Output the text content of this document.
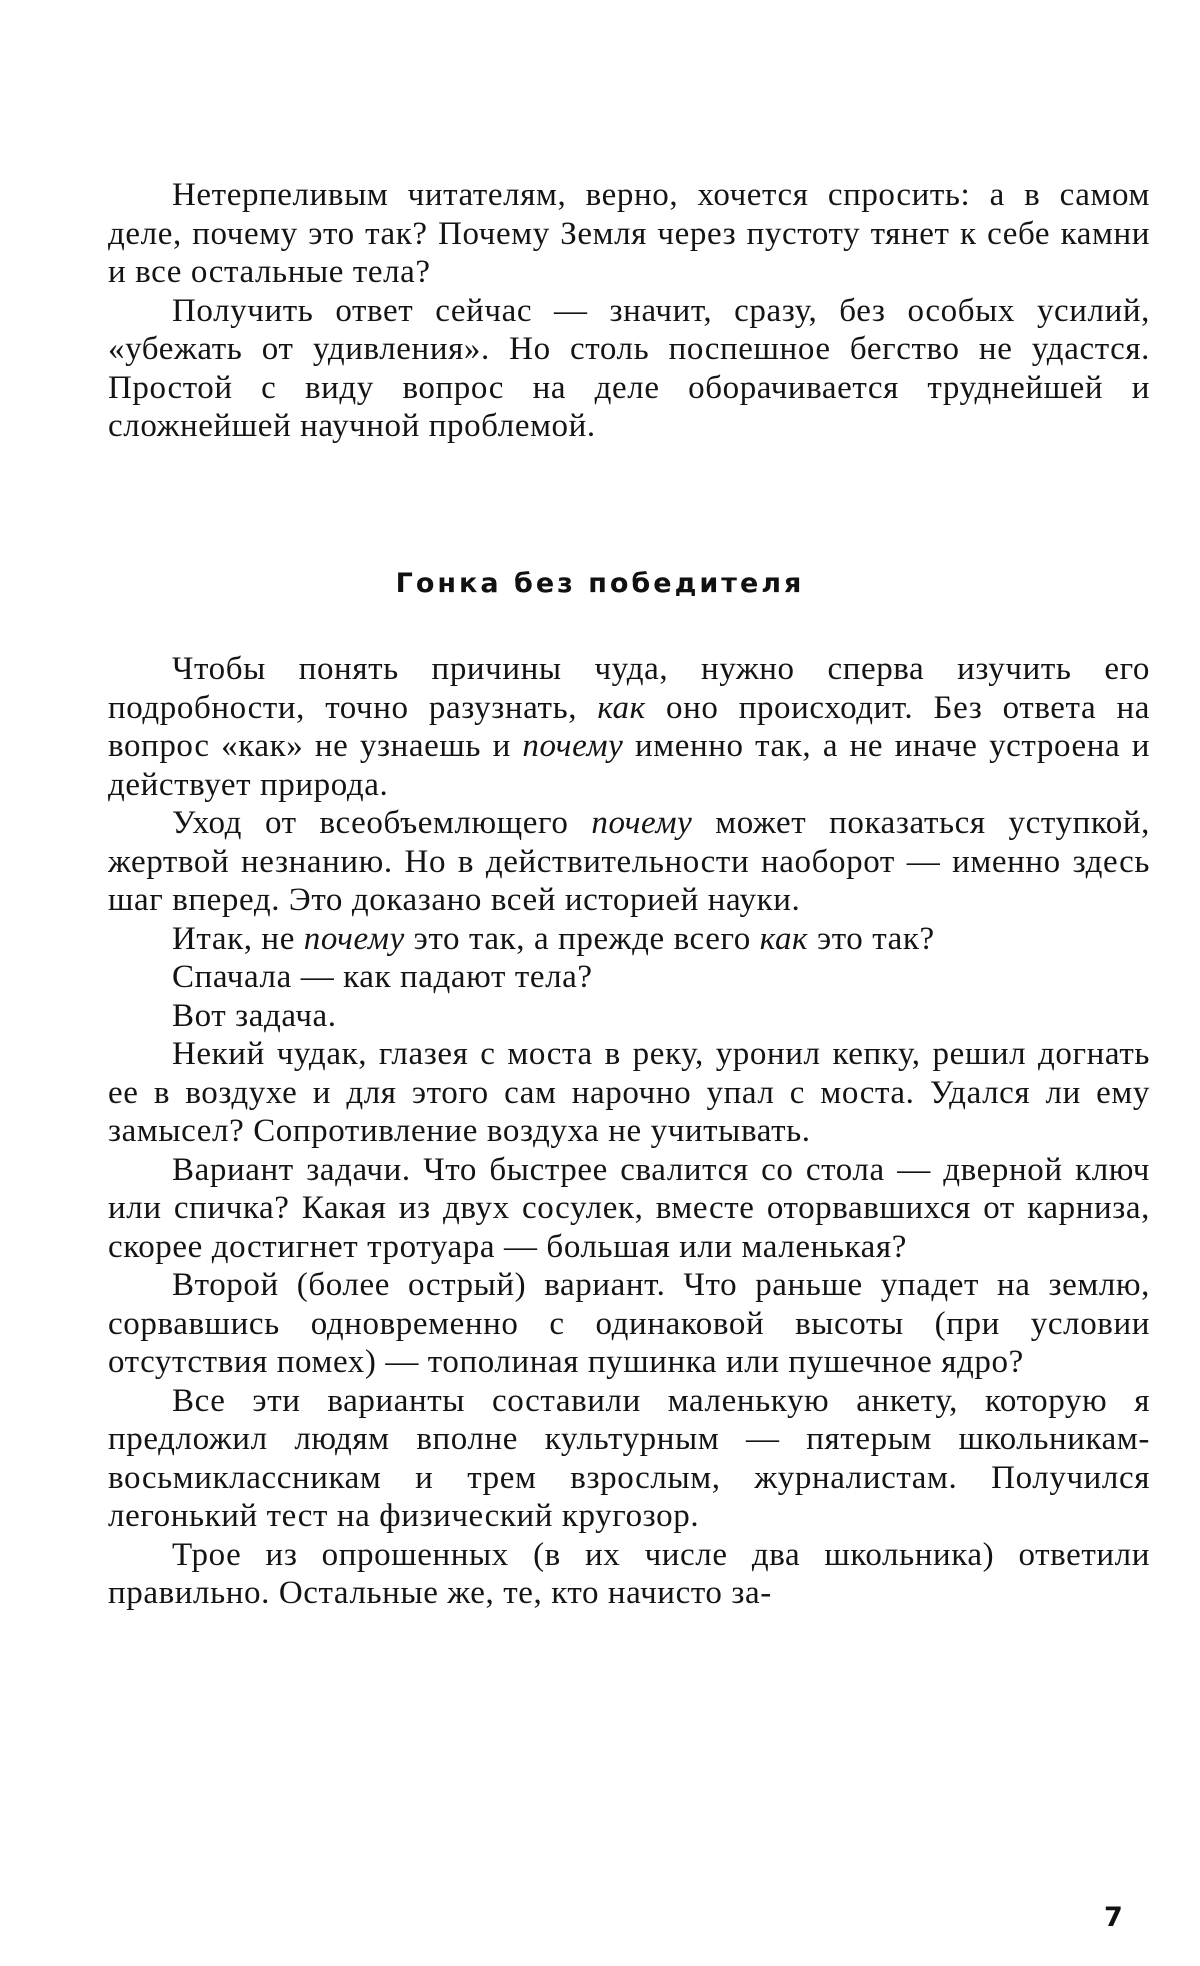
Нетерпеливым читателям, верно, хочется спросить: а в самом деле, почему это так? Почему Земля через пустоту тянет к себе камни и все остальные тела?

Получить ответ сейчас — значит, сразу, без особых усилий, «убежать от удивления». Но столь поспешное бегство не удастся. Простой с виду вопрос на деле оборачивается труднейшей и сложнейшей научной проблемой.

Гонка без победителя

Чтобы понять причины чуда, нужно сперва изучить его подробности, точно разузнать, как оно происходит. Без ответа на вопрос «как» не узнаешь и почему именно так, а не иначе устроена и действует природа.

Уход от всеобъемлющего почему может показаться уступкой, жертвой незнанию. Но в действительности наоборот — именно здесь шаг вперед. Это доказано всей историей науки.

Итак, не почему это так, а прежде всего как это так?

Спачала — как падают тела?

Вот задача.

Некий чудак, глазея с моста в реку, уронил кепку, решил догнать ее в воздухе и для этого сам нарочно упал с моста. Удался ли ему замысел? Сопротивление воздуха не учитывать.

Вариант задачи. Что быстрее свалится со стола — дверной ключ или спичка? Какая из двух сосулек, вместе оторвавшихся от карниза, скорее достигнет тротуара — большая или маленькая?

Второй (более острый) вариант. Что раньше упадет на землю, сорвавшись одновременно с одинаковой высоты (при условии отсутствия помех) — тополиная пушинка или пушечное ядро?

Все эти варианты составили маленькую анкету, которую я предложил людям вполне культурным — пятерым школьникам-восьмиклассникам и трем взрослым, журналистам. Получился легонький тест на физический кругозор.

Трое из опрошенных (в их числе два школьника) ответили правильно. Остальные же, те, кто начисто за-

7
